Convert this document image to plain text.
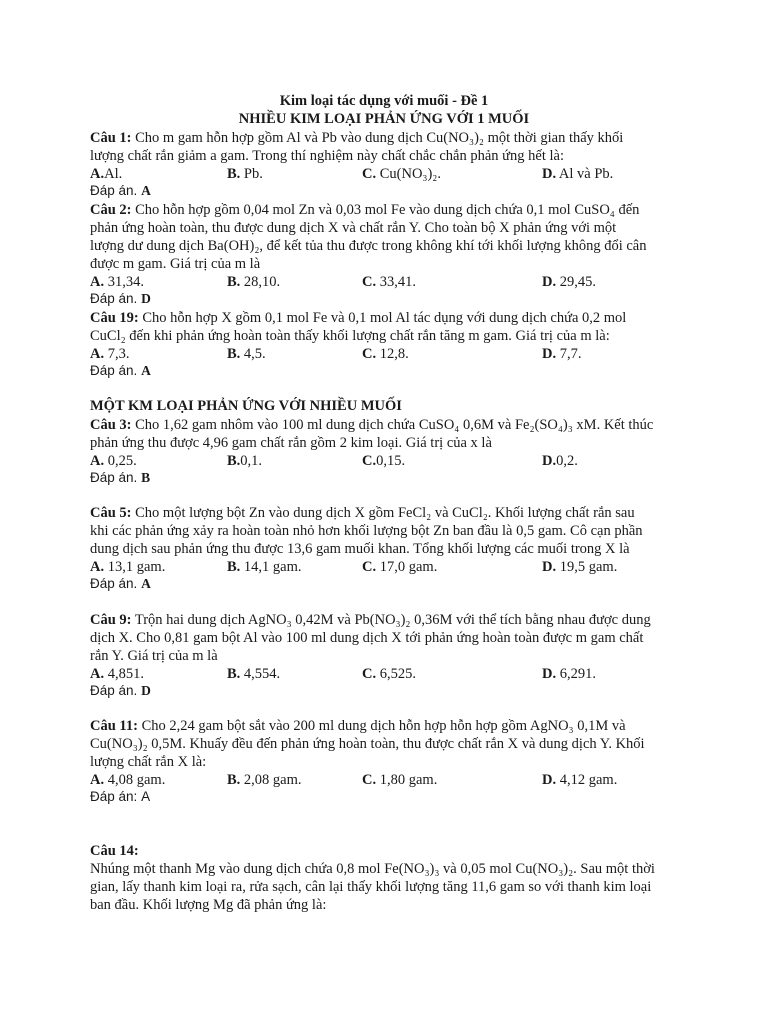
Kim loại tác dụng với muối - Đề 1
NHIỀU KIM LOẠI PHẢN ỨNG VỚI 1 MUỐI
Câu 1: Cho m gam hỗn hợp gồm Al và Pb vào dung dịch Cu(NO₃)₂ một thời gian thấy khối
lượng chất rắn giảm a gam. Trong thí nghiệm này chất chắc chắn phản ứng hết là:
A.Al.	B. Pb.	C. Cu(NO₃)₂.	D. Al và Pb.
Đáp án. A
Câu 2: Cho hỗn hợp gồm 0,04 mol Zn và 0,03 mol Fe vào dung dịch chứa 0,1 mol CuSO₄ đến
phản ứng hoàn toàn, thu được dung dịch X và chất rắn Y. Cho toàn bộ X phản ứng với một
lượng dư dung dịch Ba(OH)₂, để kết tủa thu được trong không khí tới khối lượng không đổi cân
được m gam. Giá trị của m là
A. 31,34.	B. 28,10.	C. 33,41.	D. 29,45.
Đáp án. D
Câu 19: Cho hỗn hợp X gồm 0,1 mol Fe và 0,1 mol Al tác dụng với dung dịch chứa 0,2 mol
CuCl₂ đến khi phản ứng hoàn toàn thấy khối lượng chất rắn tăng m gam. Giá trị của m là:
A. 7,3.	B. 4,5.	C. 12,8.	D. 7,7.
Đáp án. A
MỘT KM LOẠI PHẢN ỨNG VỚI NHIỀU MUỐI
Câu 3: Cho 1,62 gam nhôm vào 100 ml dung dịch chứa CuSO₄ 0,6M và Fe₂(SO₄)₃ xM. Kết thúc
phản ứng thu được 4,96 gam chất rắn gồm 2 kim loại. Giá trị của x là
A. 0,25.	B.0,1.	C.0,15.	D.0,2.
Đáp án. B
Câu 5: Cho một lượng bột Zn vào dung dịch X gồm FeCl₂ và CuCl₂. Khối lượng chất rắn sau
khi các phản ứng xảy ra hoàn toàn nhỏ hơn khối lượng bột Zn ban đầu là 0,5 gam. Cô cạn phần
dung dịch sau phản ứng thu được 13,6 gam muối khan. Tổng khối lượng các muối trong X là
A. 13,1 gam.	B. 14,1 gam.	C. 17,0 gam.	D. 19,5 gam.
Đáp án. A
Câu 9: Trộn hai dung dịch AgNO₃ 0,42M và Pb(NO₃)₂ 0,36M với thể tích bằng nhau được dung
dịch X. Cho 0,81 gam bột Al vào 100 ml dung dịch X tới phản ứng hoàn toàn được m gam chất
rắn Y. Giá trị của m là
A. 4,851.	B. 4,554.	C. 6,525.	D. 6,291.
Đáp án. D
Câu 11: Cho 2,24 gam bột sắt vào 200 ml dung dịch hỗn hợp hỗn hợp gồm AgNO₃ 0,1M và
Cu(NO₃)₂ 0,5M. Khuấy đều đến phản ứng hoàn toàn, thu được chất rắn X và dung dịch Y. Khối
lượng chất rắn X là:
A. 4,08 gam.	B. 2,08 gam.	C. 1,80 gam.	D. 4,12 gam.
Đáp án: A
Câu 14:
Nhúng một thanh Mg vào dung dịch chứa 0,8 mol Fe(NO₃)₃ và 0,05 mol Cu(NO₃)₂. Sau một thời
gian, lấy thanh kim loại ra, rửa sạch, cân lại thấy khối lượng tăng 11,6 gam so với thanh kim loại
ban đầu. Khối lượng Mg đã phản ứng là:
